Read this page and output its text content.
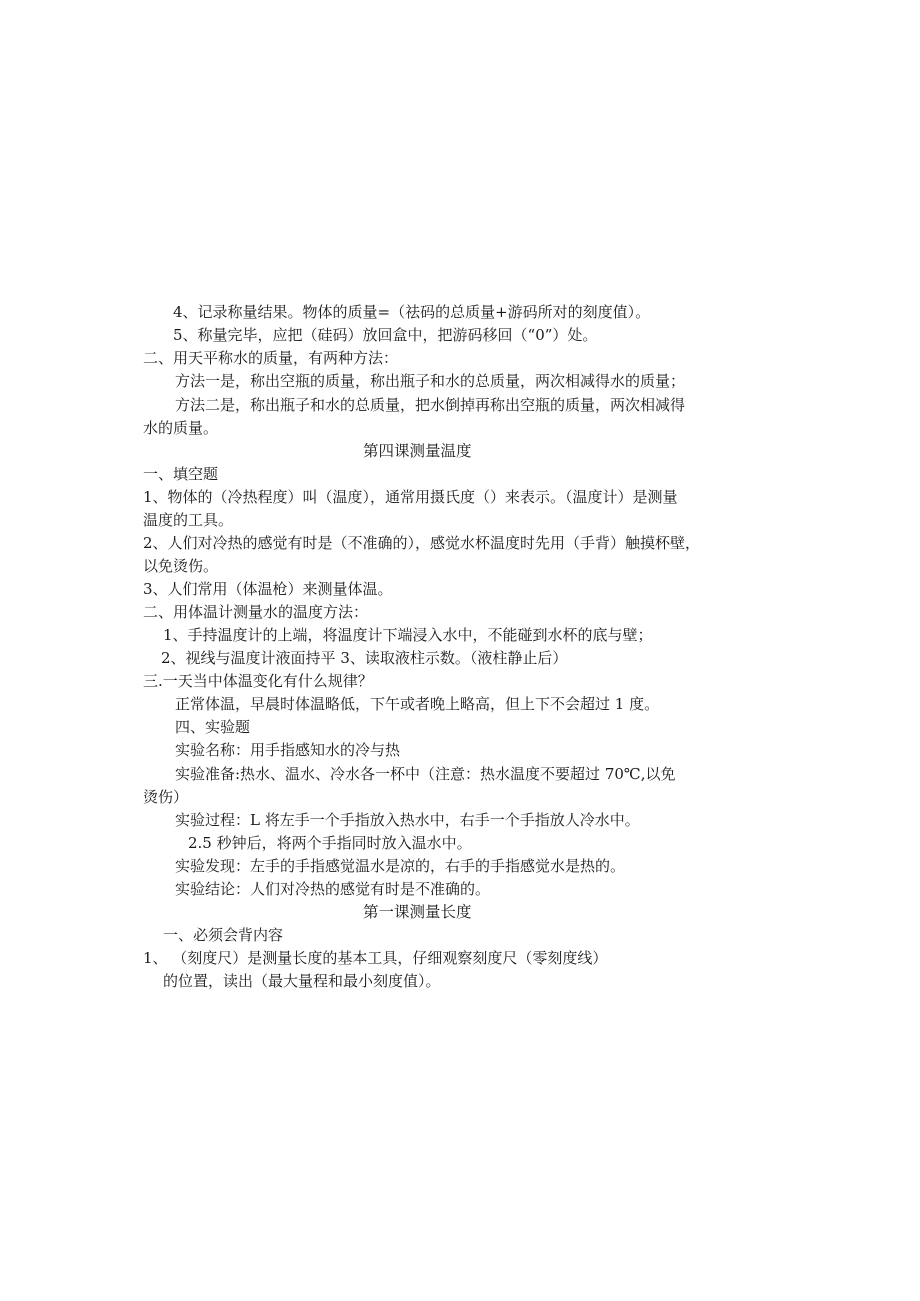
4、记录称量结果。物体的质量=（祛码的总质量+游码所对的刻度值）。
5、称量完毕，应把（硅码）放回盒中，把游码移回（“0”）处。
二、用天平称水的质量，有两种方法：
方法一是，称出空瓶的质量，称出瓶子和水的总质量，两次相减得水的质量；
方法二是，称出瓶子和水的总质量，把水倒掉再称出空瓶的质量，两次相减得
水的质量。
第四课测量温度
一、填空题
1、物体的（冷热程度）叫（温度），通常用摄氏度（）来表示。（温度计）是测量
温度的工具。
2、人们对冷热的感觉有时是（不准确的），感觉水杯温度时先用（手背）触摸杯壁，
以免烫伤。
3、人们常用（体温枪）来测量体温。
二、用体温计测量水的温度方法：
1、手持温度计的上端，将温度计下端浸入水中，不能碰到水杯的底与壁；
2、视线与温度计液面持平 3、读取液柱示数。（液柱静止后）
三.一天当中体温变化有什么规律？
正常体温，早晨时体温略低，下午或者晚上略高，但上下不会超过 1 度。
四、实验题
实验名称：用手指感知水的冷与热
实验准备:热水、温水、冷水各一杯中（注意：热水温度不要超过 70℃,以免
烫伤）
实验过程：L 将左手一个手指放入热水中，右手一个手指放人冷水中。
2.5 秒钟后，将两个手指同时放入温水中。
实验发现：左手的手指感觉温水是凉的，右手的手指感觉水是热的。
实验结论：人们对冷热的感觉有时是不准确的。
第一课测量长度
一、必须会背内容
1、 （刻度尺）是测量长度的基本工具，仔细观察刻度尺（零刻度线）
的位置，读出（最大量程和最小刻度值）。
